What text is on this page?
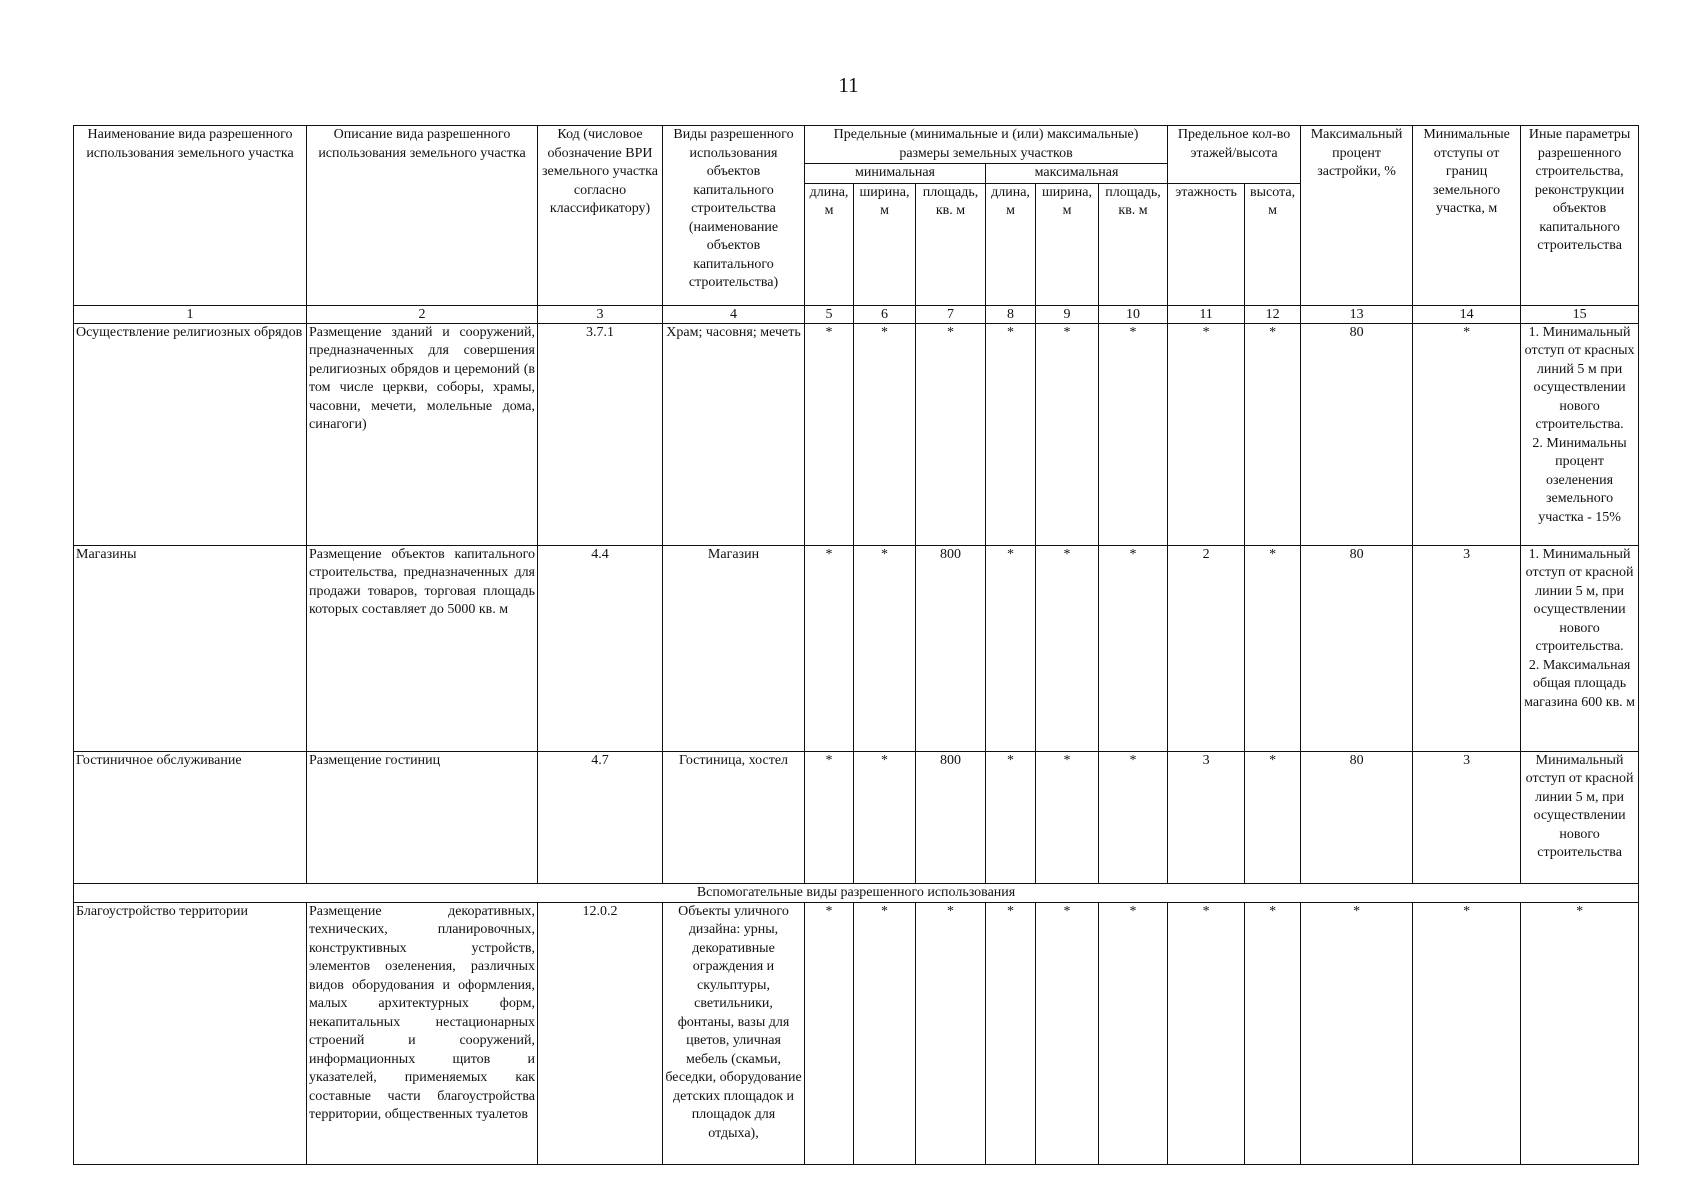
11
Наименование вида разрешенного использования земельного участка	Описание вида разрешенного использования земельного участка	Код (числовое обозначение ВРИ земельного участка согласно классификатору)	Виды разрешенного использования объектов капитального строительства (наименование объектов капитального строительства)	Предельные (минимальные и (или) максимальные) размеры земельных участков						Предельное кол-во этажей/высота		Максимальный процент застройки, %	Минимальные отступы от границ земельного участка, м	Иные параметры разрешенного строительства, реконструкции объектов капитального строительства
				минимальная			максимальная							
				длина, м	ширина, м	площадь, кв. м	длина, м	ширина, м	площадь, кв. м	этажность	высота, м			
1	2	3	4	5	6	7	8	9	10	11	12	13	14	15
Осуществление религиозных обрядов	Размещение зданий и сооружений, предназначенных для совершения религиозных обрядов и церемоний (в том числе церкви, соборы, храмы, часовни, мечети, молельные дома, синагоги)	3.7.1	Храм; часовня; мечеть	*	*	*	*	*	*	*	*	80	*	1. Минимальный отступ от красных линий 5 м при осуществлении нового строительства.
2. Минимальны процент озеленения земельного участка - 15%
Магазины	Размещение объектов капитального строительства, предназначенных для продажи товаров, торговая площадь которых составляет до 5000 кв. м	4.4	Магазин	*	*	800	*	*	*	2	*	80	3	1. Минимальный отступ от красной линии 5 м, при осуществлении нового строительства.
2. Максимальная общая площадь магазина 600 кв. м
Гостиничное обслуживание	Размещение гостиниц	4.7	Гостиница, хостел	*	*	800	*	*	*	3	*	80	3	Минимальный отступ от красной линии 5 м, при осуществлении нового строительства
Вспомогательные виды разрешенного использования														
Благоустройство территории	Размещение декоративных, технических, планировочных, конструктивных устройств, элементов озеленения, различных видов оборудования и оформления, малых архитектурных форм, некапитальных нестационарных строений и сооружений, информационных щитов и указателей, применяемых как составные части благоустройства территории, общественных туалетов	12.0.2	Объекты уличного дизайна: урны, декоративные ограждения и скульптуры, светильники, фонтаны, вазы для цветов, уличная мебель (скамьи, беседки, оборудование детских площадок и площадок для отдыха),	*	*	*	*	*	*	*	*	*	*	*
